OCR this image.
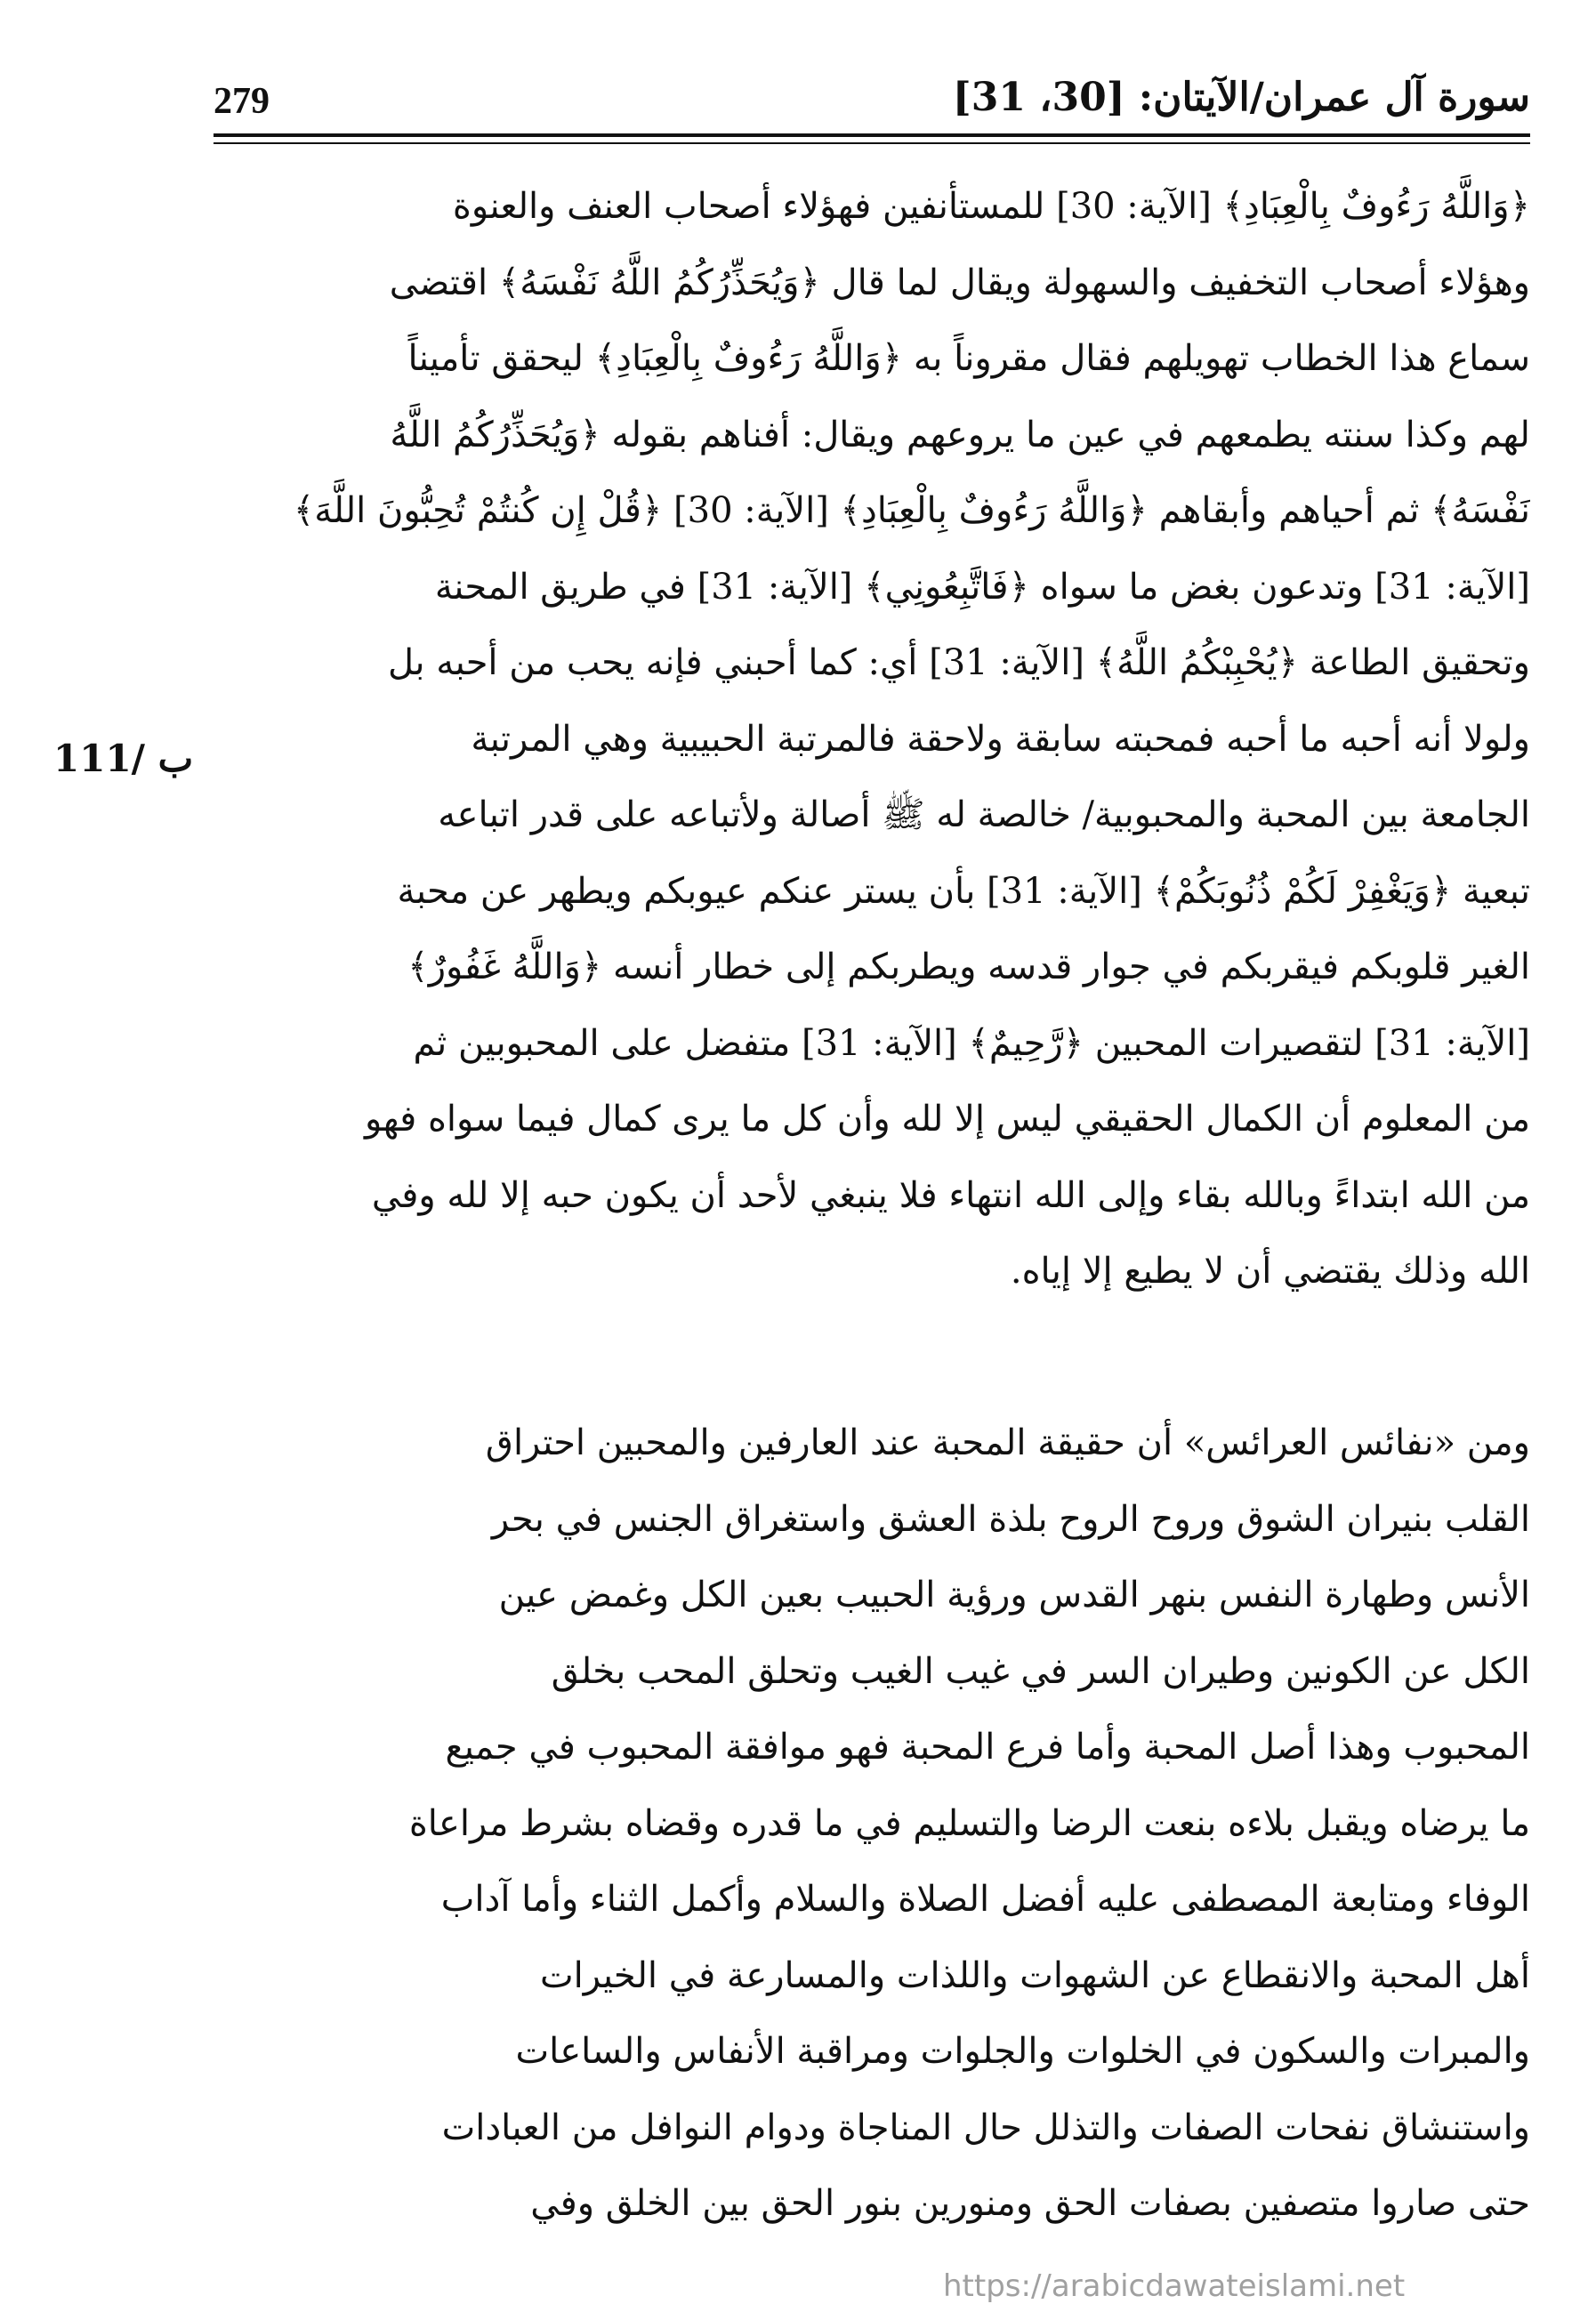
279	سورة آل عمران/الآيتان: [30، 31]
111/ ب
﴿وَاللَّهُ رَءُوفٌ بِالْعِبَادِ﴾ [الآية: 30] للمستأنفين فهؤلاء أصحاب العنف والعنوة
وهؤلاء أصحاب التخفيف والسهولة ويقال لما قال ﴿وَيُحَذِّرُكُمُ اللَّهُ نَفْسَهُ﴾ اقتضى
سماع هذا الخطاب تهويلهم فقال مقروناً به ﴿وَاللَّهُ رَءُوفٌ بِالْعِبَادِ﴾ ليحقق تأميناً
لهم وكذا سنته يطمعهم في عين ما يروعهم ويقال: أفناهم بقوله ﴿وَيُحَذِّرُكُمُ اللَّهُ
نَفْسَهُ﴾ ثم أحياهم وأبقاهم ﴿وَاللَّهُ رَءُوفٌ بِالْعِبَادِ﴾ [الآية: 30] ﴿قُلْ إِن كُنتُمْ تُحِبُّونَ اللَّهَ﴾
[الآية: 31] وتدعون بغض ما سواه ﴿فَاتَّبِعُونِي﴾ [الآية: 31] في طريق المحنة
وتحقيق الطاعة ﴿يُحْبِبْكُمُ اللَّهُ﴾ [الآية: 31] أي: كما أحبني فإنه يحب من أحبه بل
ولولا أنه أحبه ما أحبه فمحبته سابقة ولاحقة فالمرتبة الحبيبية وهي المرتبة
الجامعة بين المحبة والمحبوبية/ خالصة له ﷺ أصالة ولأتباعه على قدر اتباعه
تبعية ﴿وَيَغْفِرْ لَكُمْ ذُنُوبَكُمْ﴾ [الآية: 31] بأن يستر عنكم عيوبكم ويطهر عن محبة
الغير قلوبكم فيقربكم في جوار قدسه ويطربكم إلى خطار أنسه ﴿وَاللَّهُ غَفُورٌ﴾
[الآية: 31] لتقصيرات المحبين ﴿رَّحِيمٌ﴾ [الآية: 31] متفضل على المحبوبين ثم
من المعلوم أن الكمال الحقيقي ليس إلا لله وأن كل ما يرى كمال فيما سواه فهو
من الله ابتداءً وبالله بقاء وإلى الله انتهاء فلا ينبغي لأحد أن يكون حبه إلا لله وفي
الله وذلك يقتضي أن لا يطيع إلا إياه.
ومن «نفائس العرائس» أن حقيقة المحبة عند العارفين والمحبين احتراق
القلب بنيران الشوق وروح الروح بلذة العشق واستغراق الجنس في بحر
الأنس وطهارة النفس بنهر القدس ورؤية الحبيب بعين الكل وغمض عين
الكل عن الكونين وطيران السر في غيب الغيب وتحلق المحب بخلق
المحبوب وهذا أصل المحبة وأما فرع المحبة فهو موافقة المحبوب في جميع
ما يرضاه ويقبل بلاءه بنعت الرضا والتسليم في ما قدره وقضاه بشرط مراعاة
الوفاء ومتابعة المصطفى عليه أفضل الصلاة والسلام وأكمل الثناء وأما آداب
أهل المحبة والانقطاع عن الشهوات واللذات والمسارعة في الخيرات
والمبرات والسكون في الخلوات والجلوات ومراقبة الأنفاس والساعات
واستنشاق نفحات الصفات والتذلل حال المناجاة ودوام النوافل من العبادات
حتى صاروا متصفين بصفات الحق ومنورين بنور الحق بين الخلق وفي
https://arabicdawateislami.net
